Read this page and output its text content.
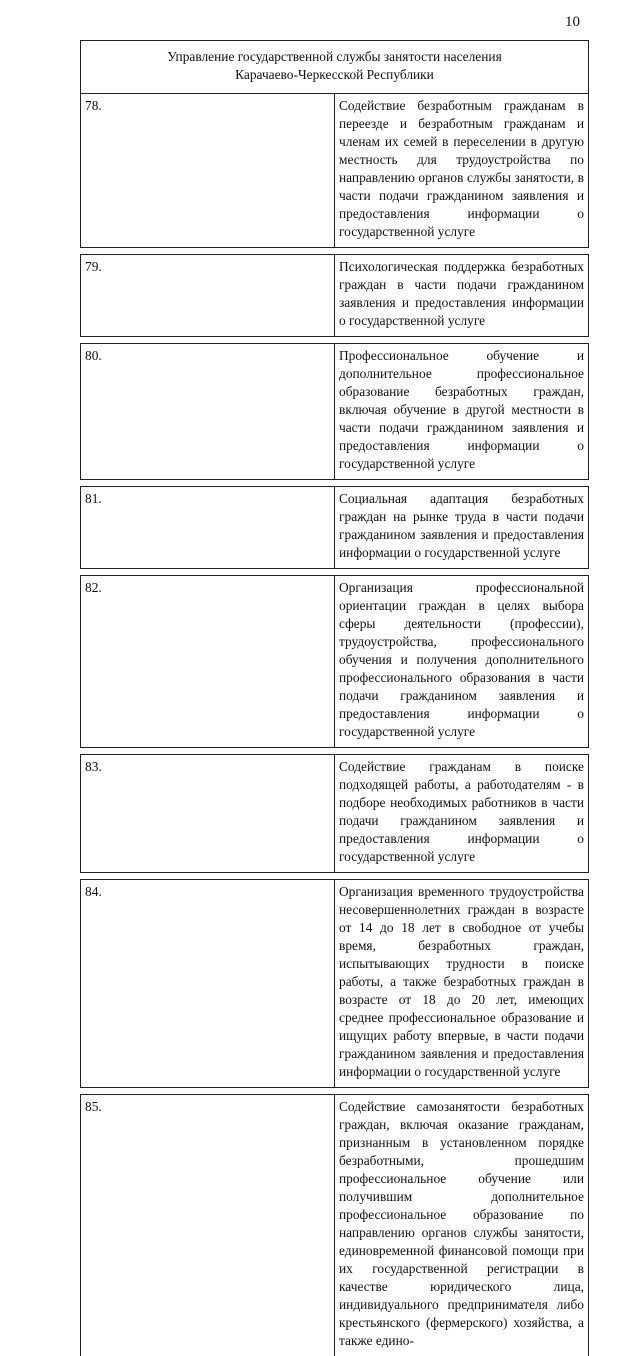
10
Управление государственной службы занятости населения
Карачаево-Черкесской Республики	

78.	Содействие безработным гражданам в переезде и безработным гражданам и членам их семей в переселении в другую местность для трудоустройства по направлению органов службы занятости, в части подачи гражданином заявления и предоставления информации о государственной услуге

79.	Психологическая поддержка безработных граждан в части подачи гражданином заявления и предоставления информации о государственной услуге

80.	Профессиональное обучение и дополнительное профессиональное образование безработных граждан, включая обучение в другой местности в части подачи гражданином заявления и предоставления информации о государственной услуге

81.	Социальная адаптация безработных граждан на рынке труда в части подачи гражданином заявления и предоставления информации о государственной услуге

82.	Организация профессиональной ориентации граждан в целях выбора сферы деятельности (профессии), трудоустройства, профессионального обучения и получения дополнительного профессионального образования в части подачи гражданином заявления и предоставления информации о государственной услуге

83.	Содействие гражданам в поиске подходящей работы, а работодателям - в подборе необходимых работников в части подачи гражданином заявления и предоставления информации о государственной услуге

84.	Организация временного трудоустройства несовершеннолетних граждан в возрасте от 14 до 18 лет в свободное от учебы время, безработных граждан, испытывающих трудности в поиске работы, а также безработных граждан в возрасте от 18 до 20 лет, имеющих среднее профессиональное образование и ищущих работу впервые, в части подачи гражданином заявления и предоставления информации о государственной услуге

85.	Содействие самозанятости безработных граждан, включая оказание гражданам, признанным в установленном порядке безработными, прошедшим профессиональное обучение или получившим дополнительное профессиональное образование по направлению органов службы занятости, единовременной финансовой помощи при их государственной регистрации в качестве юридического лица, индивидуального предпринимателя либо крестьянского (фермерского) хозяйства, а также едино-
